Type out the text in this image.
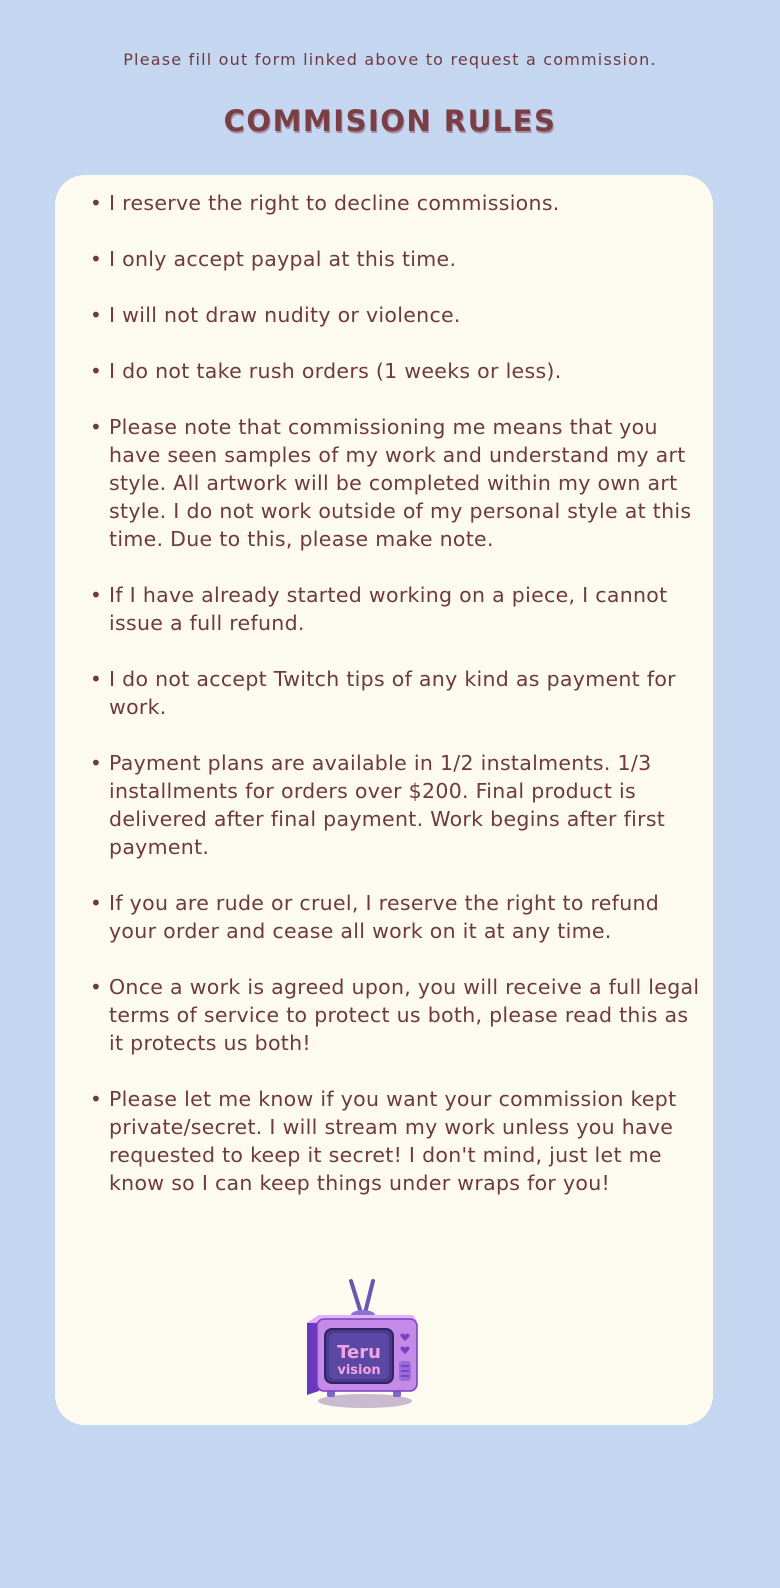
Please fill out form linked above to request a commission.
COMMISION RULES
• I reserve the right to decline commissions.
• I only accept paypal at this time.
• I will not draw nudity or violence.
• I do not take rush orders (1 weeks or less).
• Please note that commissioning me means that you have seen samples of my work and understand my art style. All artwork will be completed within my own art style. I do not work outside of my personal style at this time. Due to this, please make note.
• If I have already started working on a piece, I cannot issue a full refund.
• I do not accept Twitch tips of any kind as payment for work.
• Payment plans are available in 1/2 instalments. 1/3 installments for orders over $200. Final product is delivered after final payment. Work begins after first payment.
• If you are rude or cruel, I reserve the right to refund your order and cease all work on it at any time.
• Once a work is agreed upon, you will receive a full legal terms of service to protect us both, please read this as it protects us both!
• Please let me know if you want your commission kept private/secret. I will stream my work unless you have requested to keep it secret! I don't mind, just let me know so I can keep things under wraps for you!
Teru
vision
